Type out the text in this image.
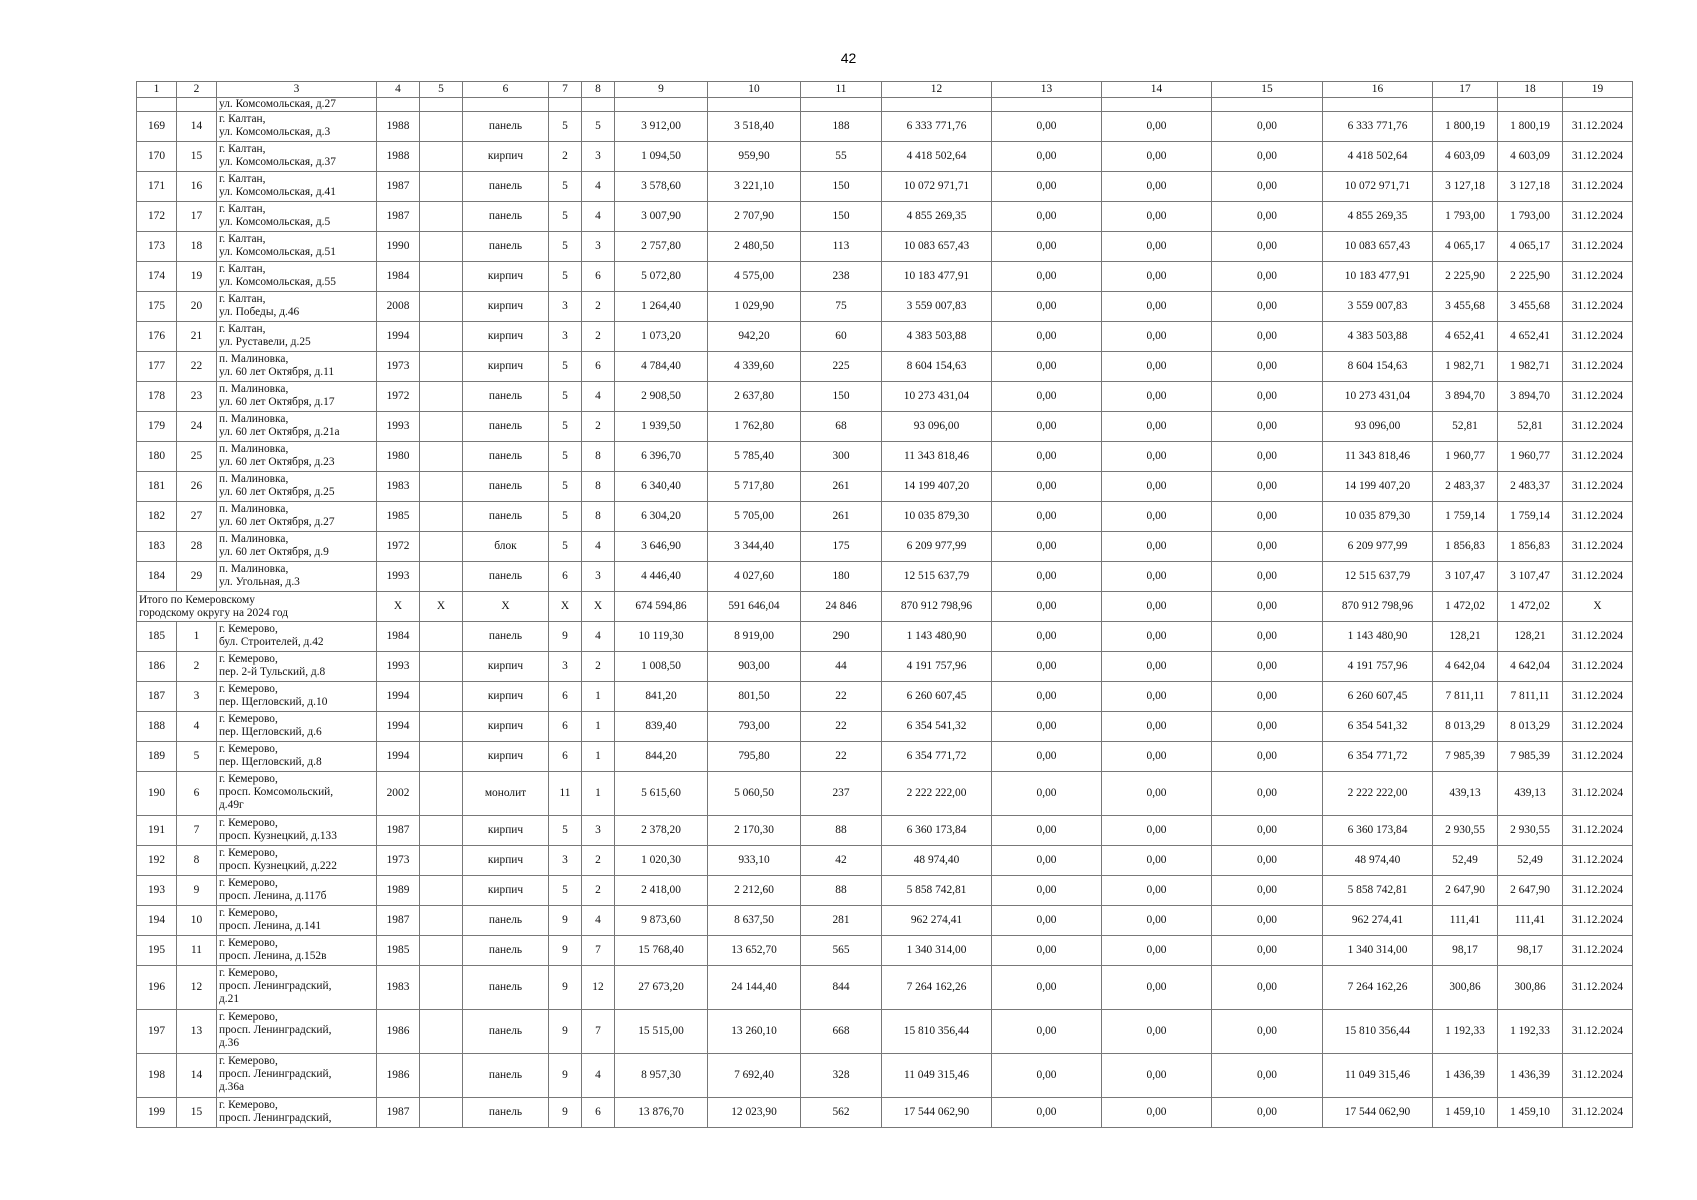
42
1	2	3	4	5	6	7	8	9	10	11	12	13	14	15	16	17	18	19

		ул. Комсомольская, д.27																

169	14	г. Калтан,
ул. Комсомольская, д.3	1988		панель	5	5	3 912,00	3 518,40	188	6 333 771,76	0,00	0,00	0,00	6 333 771,76	1 800,19	1 800,19	31.12.2024
170	15	г. Калтан,
ул. Комсомольская, д.37	1988		кирпич	2	3	1 094,50	959,90	55	4 418 502,64	0,00	0,00	0,00	4 418 502,64	4 603,09	4 603,09	31.12.2024
171	16	г. Калтан,
ул. Комсомольская, д.41	1987		панель	5	4	3 578,60	3 221,10	150	10 072 971,71	0,00	0,00	0,00	10 072 971,71	3 127,18	3 127,18	31.12.2024
172	17	г. Калтан,
ул. Комсомольская, д.5	1987		панель	5	4	3 007,90	2 707,90	150	4 855 269,35	0,00	0,00	0,00	4 855 269,35	1 793,00	1 793,00	31.12.2024
173	18	г. Калтан,
ул. Комсомольская, д.51	1990		панель	5	3	2 757,80	2 480,50	113	10 083 657,43	0,00	0,00	0,00	10 083 657,43	4 065,17	4 065,17	31.12.2024
174	19	г. Калтан,
ул. Комсомольская, д.55	1984		кирпич	5	6	5 072,80	4 575,00	238	10 183 477,91	0,00	0,00	0,00	10 183 477,91	2 225,90	2 225,90	31.12.2024
175	20	г. Калтан,
ул. Победы, д.46	2008		кирпич	3	2	1 264,40	1 029,90	75	3 559 007,83	0,00	0,00	0,00	3 559 007,83	3 455,68	3 455,68	31.12.2024
176	21	г. Калтан,
ул. Руставели, д.25	1994		кирпич	3	2	1 073,20	942,20	60	4 383 503,88	0,00	0,00	0,00	4 383 503,88	4 652,41	4 652,41	31.12.2024
177	22	п. Малиновка,
ул. 60 лет Октября, д.11	1973		кирпич	5	6	4 784,40	4 339,60	225	8 604 154,63	0,00	0,00	0,00	8 604 154,63	1 982,71	1 982,71	31.12.2024
178	23	п. Малиновка,
ул. 60 лет Октября, д.17	1972		панель	5	4	2 908,50	2 637,80	150	10 273 431,04	0,00	0,00	0,00	10 273 431,04	3 894,70	3 894,70	31.12.2024
179	24	п. Малиновка,
ул. 60 лет Октября, д.21а	1993		панель	5	2	1 939,50	1 762,80	68	93 096,00	0,00	0,00	0,00	93 096,00	52,81	52,81	31.12.2024
180	25	п. Малиновка,
ул. 60 лет Октября, д.23	1980		панель	5	8	6 396,70	5 785,40	300	11 343 818,46	0,00	0,00	0,00	11 343 818,46	1 960,77	1 960,77	31.12.2024
181	26	п. Малиновка,
ул. 60 лет Октября, д.25	1983		панель	5	8	6 340,40	5 717,80	261	14 199 407,20	0,00	0,00	0,00	14 199 407,20	2 483,37	2 483,37	31.12.2024
182	27	п. Малиновка,
ул. 60 лет Октября, д.27	1985		панель	5	8	6 304,20	5 705,00	261	10 035 879,30	0,00	0,00	0,00	10 035 879,30	1 759,14	1 759,14	31.12.2024
183	28	п. Малиновка,
ул. 60 лет Октября, д.9	1972		блок	5	4	3 646,90	3 344,40	175	6 209 977,99	0,00	0,00	0,00	6 209 977,99	1 856,83	1 856,83	31.12.2024
184	29	п. Малиновка,
ул. Угольная, д.3	1993		панель	6	3	4 446,40	4 027,60	180	12 515 637,79	0,00	0,00	0,00	12 515 637,79	3 107,47	3 107,47	31.12.2024

Итого по Кемеровскому
городскому округу на 2024 год			Х	Х	Х	Х	Х	674 594,86	591 646,04	24 846	870 912 798,96	0,00	0,00	0,00	870 912 798,96	1 472,02	1 472,02	Х
185	1	г. Кемерово,
бул. Строителей, д.42	1984		панель	9	4	10 119,30	8 919,00	290	1 143 480,90	0,00	0,00	0,00	1 143 480,90	128,21	128,21	31.12.2024
186	2	г. Кемерово,
пер. 2-й Тульский, д.8	1993		кирпич	3	2	1 008,50	903,00	44	4 191 757,96	0,00	0,00	0,00	4 191 757,96	4 642,04	4 642,04	31.12.2024
187	3	г. Кемерово,
пер. Щегловский, д.10	1994		кирпич	6	1	841,20	801,50	22	6 260 607,45	0,00	0,00	0,00	6 260 607,45	7 811,11	7 811,11	31.12.2024
188	4	г. Кемерово,
пер. Щегловский, д.6	1994		кирпич	6	1	839,40	793,00	22	6 354 541,32	0,00	0,00	0,00	6 354 541,32	8 013,29	8 013,29	31.12.2024
189	5	г. Кемерово,
пер. Щегловский, д.8	1994		кирпич	6	1	844,20	795,80	22	6 354 771,72	0,00	0,00	0,00	6 354 771,72	7 985,39	7 985,39	31.12.2024
190	6	г. Кемерово,
просп. Комсомольский,
д.49г	2002		монолит	11	1	5 615,60	5 060,50	237	2 222 222,00	0,00	0,00	0,00	2 222 222,00	439,13	439,13	31.12.2024
191	7	г. Кемерово,
просп. Кузнецкий, д.133	1987		кирпич	5	3	2 378,20	2 170,30	88	6 360 173,84	0,00	0,00	0,00	6 360 173,84	2 930,55	2 930,55	31.12.2024
192	8	г. Кемерово,
просп. Кузнецкий, д.222	1973		кирпич	3	2	1 020,30	933,10	42	48 974,40	0,00	0,00	0,00	48 974,40	52,49	52,49	31.12.2024
193	9	г. Кемерово,
просп. Ленина, д.117б	1989		кирпич	5	2	2 418,00	2 212,60	88	5 858 742,81	0,00	0,00	0,00	5 858 742,81	2 647,90	2 647,90	31.12.2024
194	10	г. Кемерово,
просп. Ленина, д.141	1987		панель	9	4	9 873,60	8 637,50	281	962 274,41	0,00	0,00	0,00	962 274,41	111,41	111,41	31.12.2024
195	11	г. Кемерово,
просп. Ленина, д.152в	1985		панель	9	7	15 768,40	13 652,70	565	1 340 314,00	0,00	0,00	0,00	1 340 314,00	98,17	98,17	31.12.2024
196	12	г. Кемерово,
просп. Ленинградский,
д.21	1983		панель	9	12	27 673,20	24 144,40	844	7 264 162,26	0,00	0,00	0,00	7 264 162,26	300,86	300,86	31.12.2024
197	13	г. Кемерово,
просп. Ленинградский,
д.36	1986		панель	9	7	15 515,00	13 260,10	668	15 810 356,44	0,00	0,00	0,00	15 810 356,44	1 192,33	1 192,33	31.12.2024
198	14	г. Кемерово,
просп. Ленинградский,
д.36а	1986		панель	9	4	8 957,30	7 692,40	328	11 049 315,46	0,00	0,00	0,00	11 049 315,46	1 436,39	1 436,39	31.12.2024
199	15	г. Кемерово,
просп. Ленинградский,	1987		панель	9	6	13 876,70	12 023,90	562	17 544 062,90	0,00	0,00	0,00	17 544 062,90	1 459,10	1 459,10	31.12.2024
